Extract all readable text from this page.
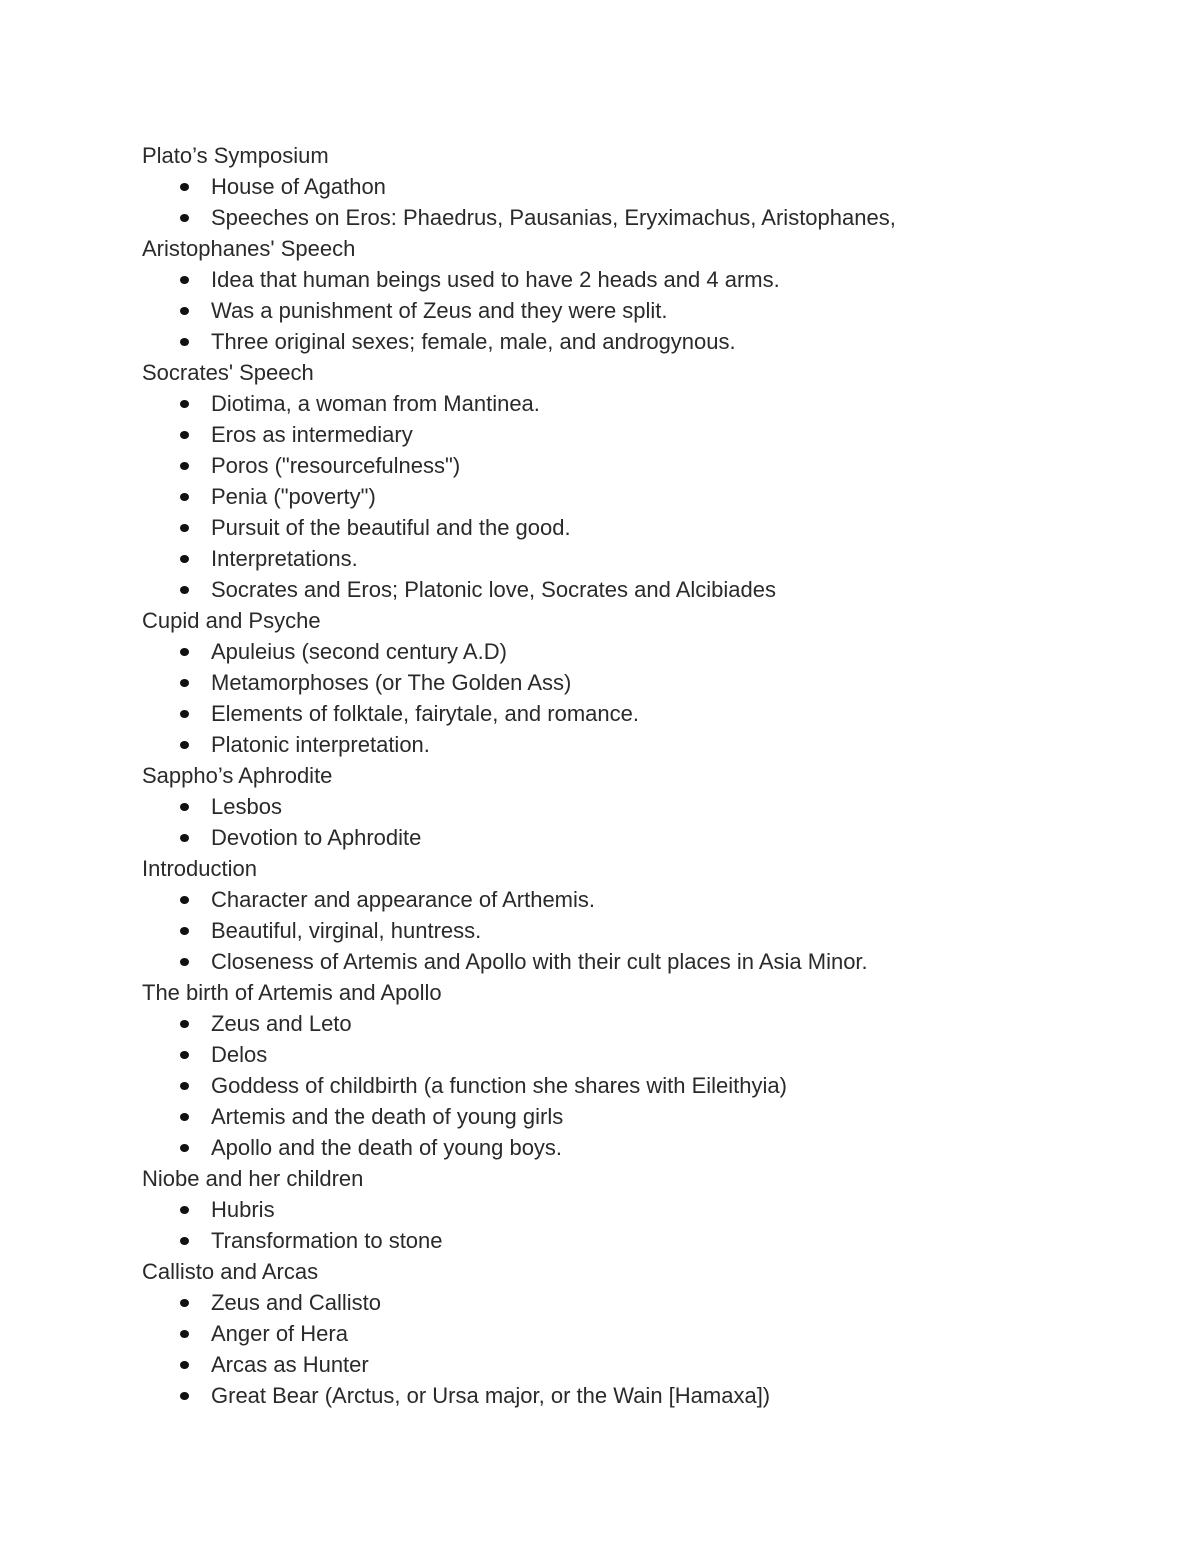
Plato’s Symposium
House of Agathon
Speeches on Eros: Phaedrus, Pausanias, Eryximachus, Aristophanes,
Aristophanes' Speech
Idea that human beings used to have 2 heads and 4 arms.
Was a punishment of Zeus and they were split.
Three original sexes; female, male, and androgynous.
Socrates' Speech
Diotima, a woman from Mantinea.
Eros as intermediary
Poros ("resourcefulness")
Penia ("poverty")
Pursuit of the beautiful and the good.
Interpretations.
Socrates and Eros; Platonic love, Socrates and Alcibiades
Cupid and Psyche
Apuleius (second century A.D)
Metamorphoses (or The Golden Ass)
Elements of folktale, fairytale, and romance.
Platonic interpretation.
Sappho’s Aphrodite
Lesbos
Devotion to Aphrodite
Introduction
Character and appearance of Arthemis.
Beautiful, virginal, huntress.
Closeness of Artemis and Apollo with their cult places in Asia Minor.
The birth of Artemis and Apollo
Zeus and Leto
Delos
Goddess of childbirth (a function she shares with Eileithyia)
Artemis and the death of young girls
Apollo and the death of young boys.
Niobe and her children
Hubris
Transformation to stone
Callisto and Arcas
Zeus and Callisto
Anger of Hera
Arcas as Hunter
Great Bear (Arctus, or Ursa major, or the Wain [Hamaxa])
